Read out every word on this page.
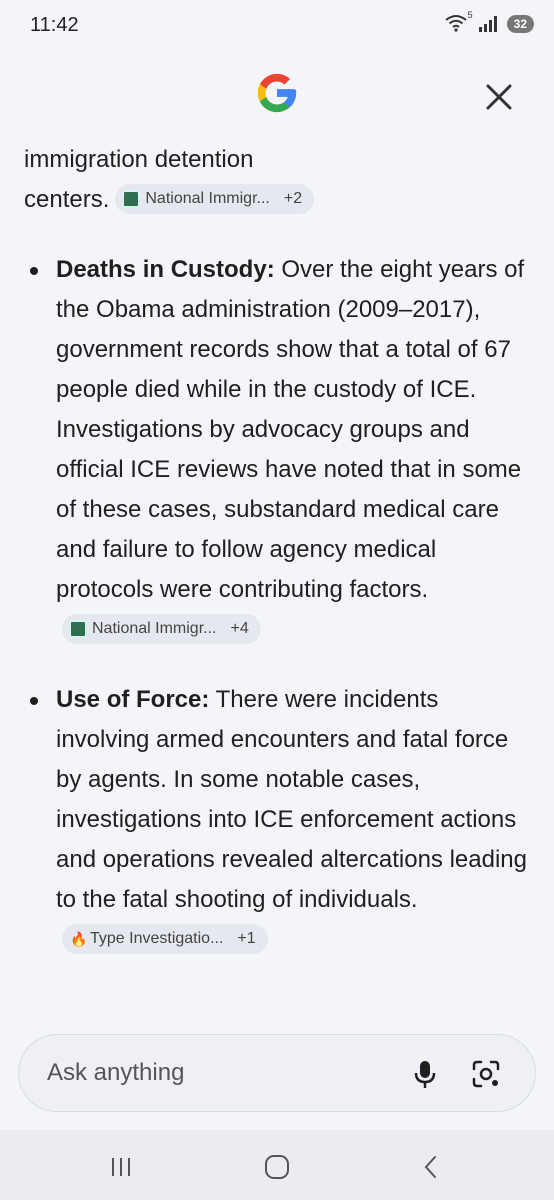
11:42	5
32

immigration detention
centers. National Immigr... +2

Deaths in Custody: Over the eight years of the Obama administration (2009–2017), government records show that a total of 67 people died while in the custody of ICE. Investigations by advocacy groups and official ICE reviews have noted that in some of these cases, substandard medical care and failure to follow agency medical protocols were contributing factors.
National Immigr... +4
Use of Force: There were incidents involving armed encounters and fatal force by agents. In some notable cases, investigations into ICE enforcement actions and operations revealed altercations leading to the fatal shooting of individuals.
🔥 Type Investigatio... +1
Ask anything
